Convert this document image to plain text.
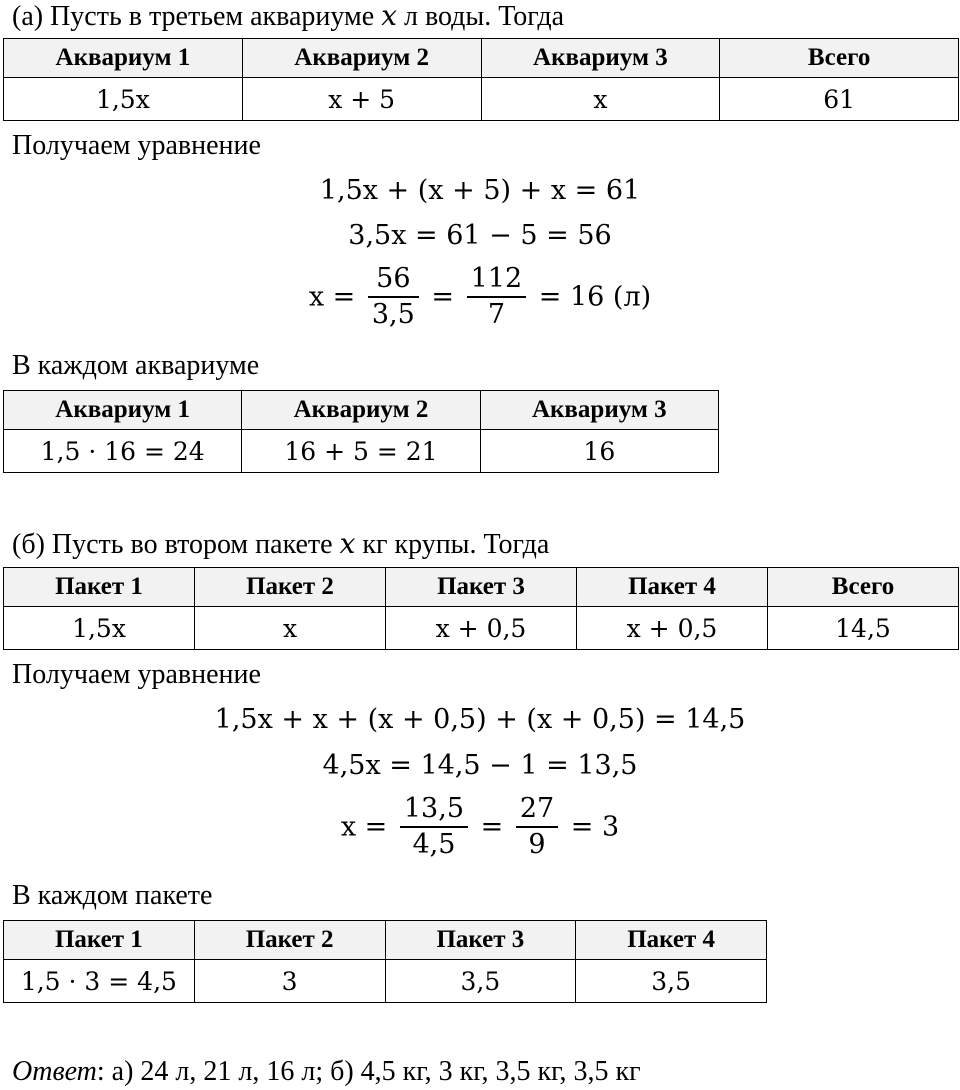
(а) Пусть в третьем аквариуме x л воды. Тогда
Аквариум 1	Аквариум 2	Аквариум 3	Всего
1,5x	x + 5	x	61
Получаем уравнение
1,5x + (x + 5) + x = 61
3,5x = 61 − 5 = 56
$x = \frac{56}{3,5} = \frac{112}{7} = 16$ (л)
В каждом аквариуме
Аквариум 1	Аквариум 2	Аквариум 3
1,5 · 16 = 24	16 + 5 = 21	16
(б) Пусть во втором пакете x кг крупы. Тогда
Пакет 1	Пакет 2	Пакет 3	Пакет 4	Всего
1,5x	x	x + 0,5	x + 0,5	14,5
Получаем уравнение
1,5x + x + (x + 0,5) + (x + 0,5) = 14,5
4,5x = 14,5 − 1 = 13,5
$x = \frac{13,5}{4,5} = \frac{27}{9} = 3$
В каждом пакете
Пакет 1	Пакет 2	Пакет 3	Пакет 4
1,5 · 3 = 4,5	3	3,5	3,5
Ответ: а) 24 л, 21 л, 16 л; б) 4,5 кг, 3 кг, 3,5 кг, 3,5 кг
